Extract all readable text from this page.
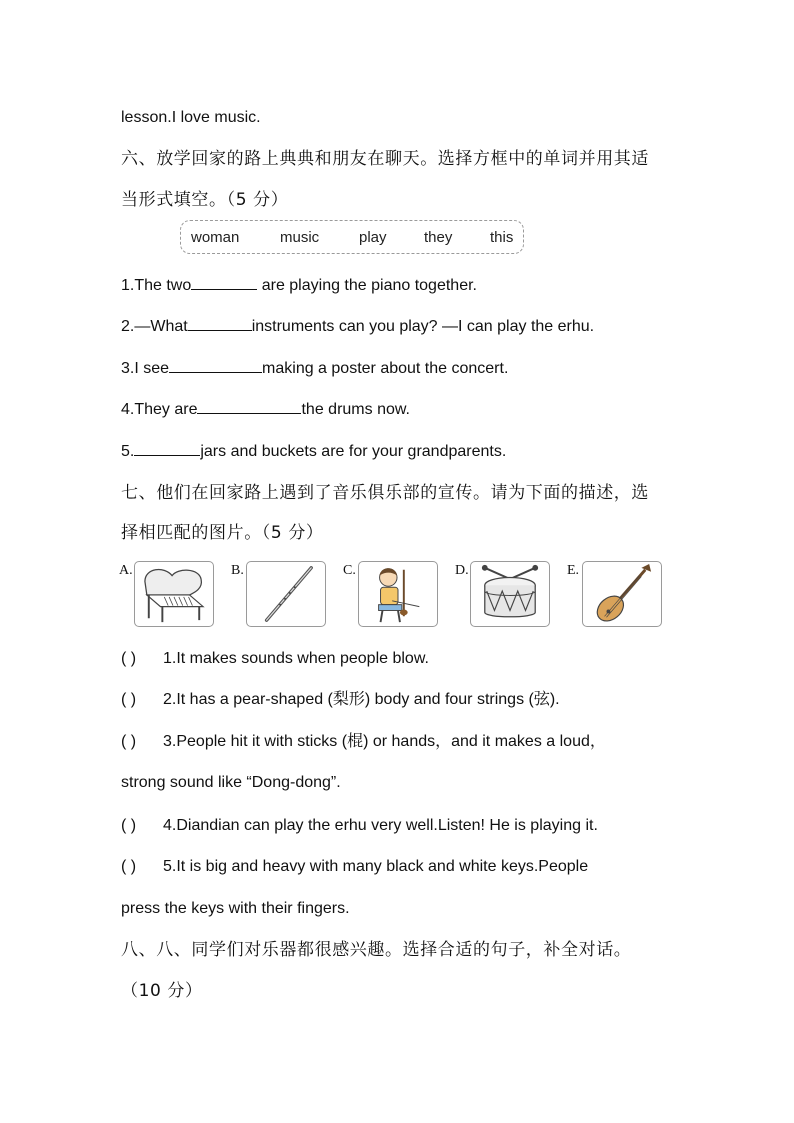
lesson.I love music.
六、放学回家的路上典典和朋友在聊天。选择方框中的单词并用其适
当形式填空。（5 分）
woman	music	play they	this
1.The two	are playing the piano together.
2.—What	instruments can you play? —I can play the erhu.
3.I see	making a poster about the concert.
4.They are	the drums now.
5.	jars and buckets are for your grandparents.
七、他们在回家路上遇到了音乐俱乐部的宣传。请为下面的描述，选
择相匹配的图片。（5 分）
A.	B.	C.	D.	E.
( ) 1.It makes sounds when people blow.
( ) 2.It has a pear-shaped (梨形) body and four strings (弦).
( ) 3.People hit it with sticks (棍) or hands，and it makes a loud，
strong sound like “Dong-dong”.
( ) 4.Diandian can play the erhu very well.Listen! He is playing it.
( ) 5.It is big and heavy with many black and white keys.People
press the keys with their fingers.
八、八、同学们对乐器都很感兴趣。选择合适的句子，补全对话。
（10 分）
